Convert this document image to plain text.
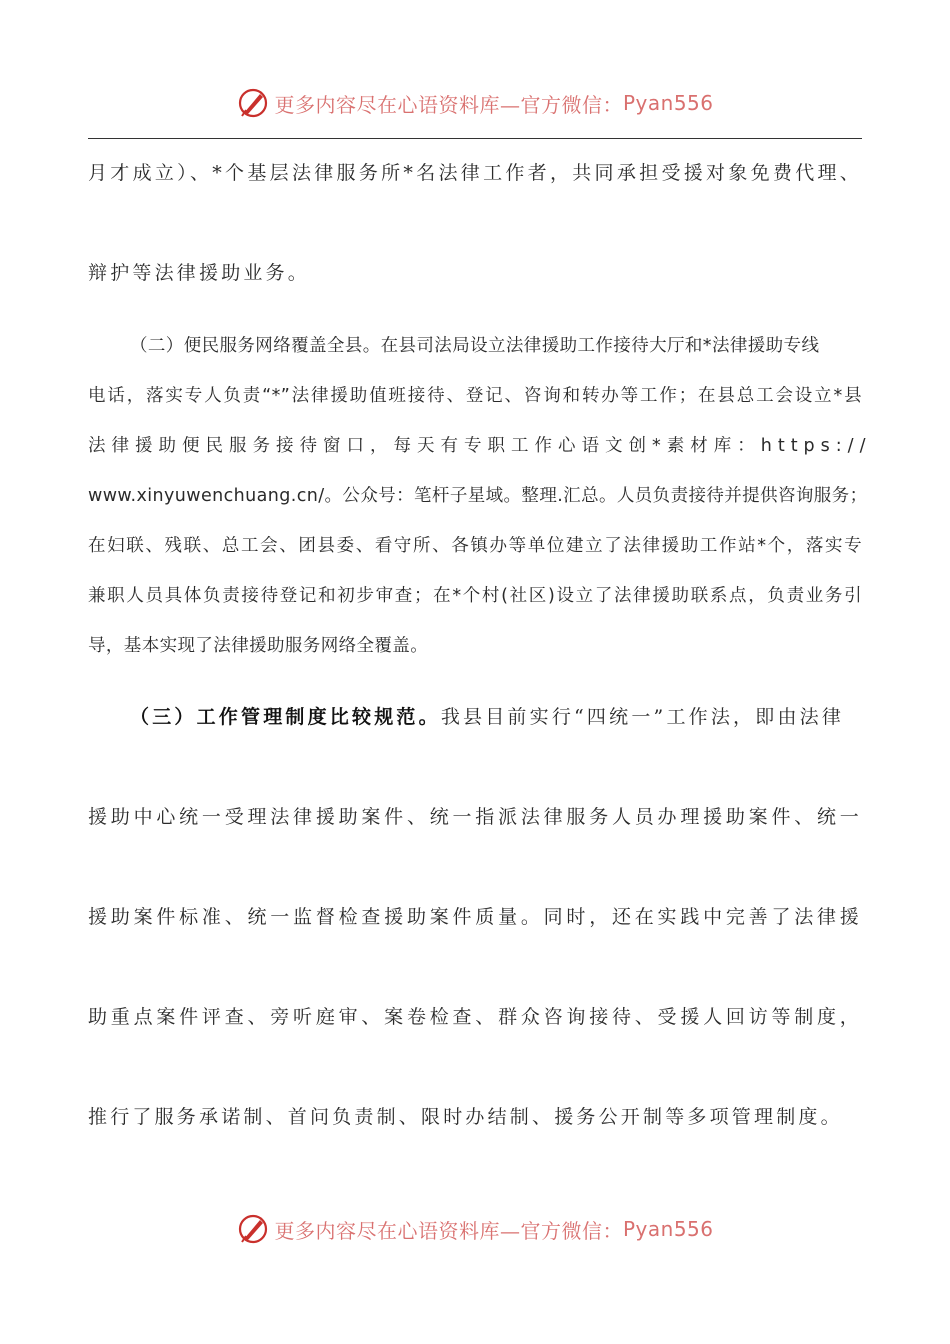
更多内容尽在心语资料库—官方微信： Pyan556
月才成立）、*个基层法律服务所*名法律工作者，共同承担受援对象免费代理、
辩护等法律援助业务。
（二）便民服务网络覆盖全县。在县司法局设立法律援助工作接待大厅和*法律援助专线
电话，落实专人负责“*”法律援助值班接待、登记、咨询和转办等工作；在县总工会设立*县
法律援助便民服务接待窗口，每天有专职工作心语文创*素材库：https://
www.xinyuwenchuang.cn/。公众号：笔杆子星域。整理.汇总。人员负责接待并提供咨询服务；
在妇联、残联、总工会、团县委、看守所、各镇办等单位建立了法律援助工作站*个，落实专
兼职人员具体负责接待登记和初步审查；在*个村(社区)设立了法律援助联系点，负责业务引
导，基本实现了法律援助服务网络全覆盖。
（三）工作管理制度比较规范。我县目前实行“四统一”工作法，即由法律
援助中心统一受理法律援助案件、统一指派法律服务人员办理援助案件、统一
援助案件标准、统一监督检查援助案件质量。同时，还在实践中完善了法律援
助重点案件评查、旁听庭审、案卷检查、群众咨询接待、受援人回访等制度，
推行了服务承诺制、首问负责制、限时办结制、援务公开制等多项管理制度。
更多内容尽在心语资料库—官方微信： Pyan556
